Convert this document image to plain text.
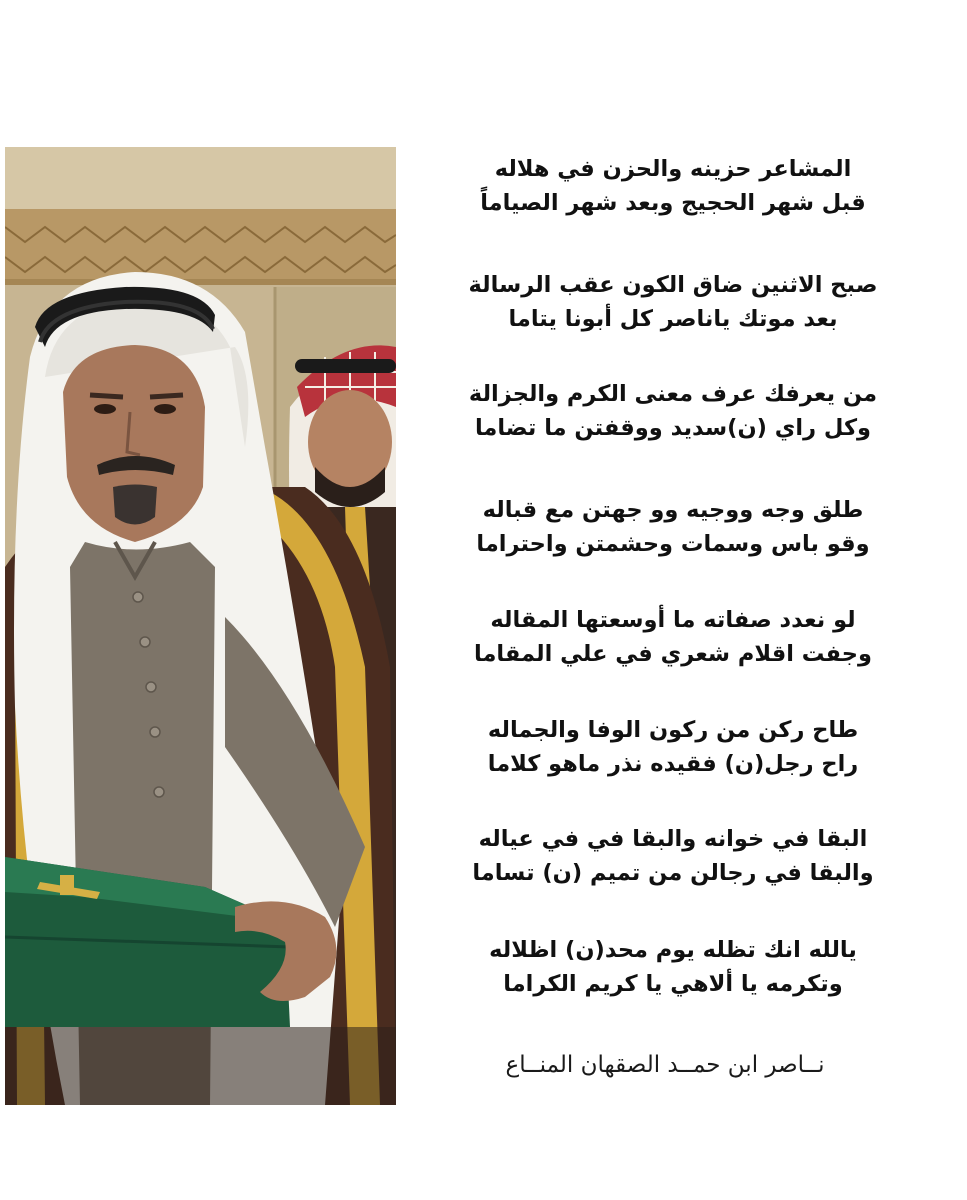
المشاعر حزينه والحزن في هلاله
قبل شهر الحجيج وبعد شهر الصياماً
صبح الاثنين ضاق الكون عقب الرسالة
بعد موتك ياناصر كل أبونا يتاما
من يعرفك عرف معنى الكرم والجزالة
وكل راي (ن)سديد ووقفتن ما تضاما
طلق وجه ووجيه وو جهتن مع قباله
وقو باس وسمات وحشمتن واحتراما
لو نعدد صفاته ما أوسعتها المقاله
وجفت اقلام شعري في علي المقاما
طاح ركن من ركون الوفا والجماله
راح رجل(ن) فقيده نذر ماهو كلاما
البقا في خوانه والبقا في في عياله
والبقا في رجالن من تميم (ن) تساما
يالله انك تظله يوم محد(ن) اظلاله
وتكرمه يا ألاهي يا كريم الكراما
نــاصر ابن حمــد الصقهان المنــاع
